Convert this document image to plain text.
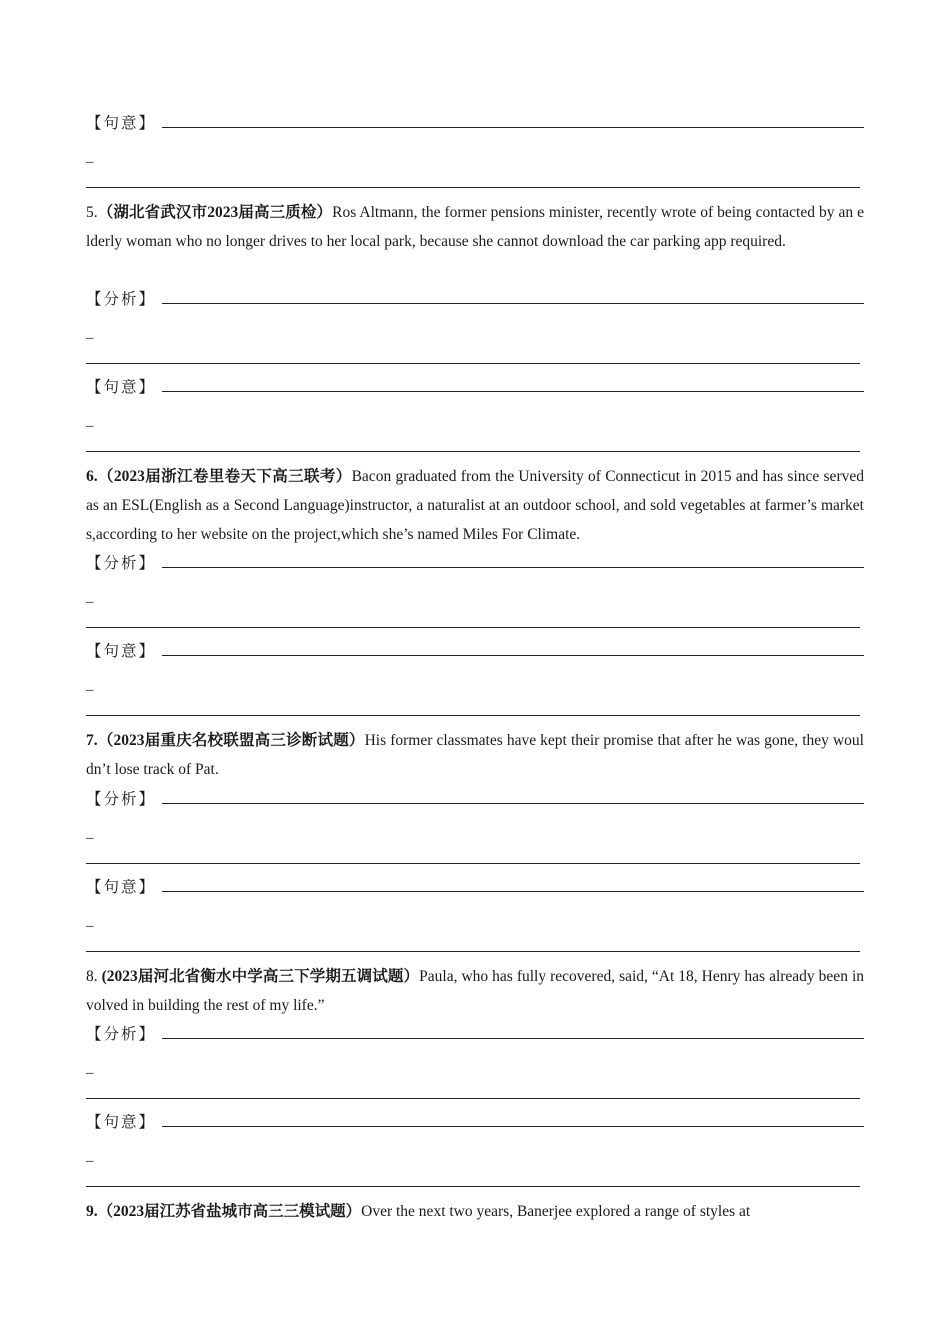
【句意】
_
5.（湖北省武汉市2023届高三质检）Ros Altmann, the former pensions minister, recently wrote of being contacted by an elderly woman who no longer drives to her local park, because she cannot download the car parking app required.
【分析】
_
【句意】
_
6.（2023届浙江卷里卷天下高三联考）Bacon graduated from the University of Connecticut in 2015 and has since served as an ESL(English as a Second Language)instructor, a naturalist at an outdoor school, and sold vegetables at farmer’s markets,according to her website on the project,which she’s named Miles For Climate.
【分析】
_
【句意】
_
7.（2023届重庆名校联盟高三诊断试题）His former classmates have kept their promise that after he was gone, they wouldn’t lose track of Pat.
【分析】
_
【句意】
_
8. (2023届河北省衡水中学高三下学期五调试题）Paula, who has fully recovered, said, “At 18, Henry has already been involved in building the rest of my life.”
【分析】
_
【句意】
_
9.（2023届江苏省盐城市高三三模试题）Over the next two years, Banerjee explored a range of styles at
